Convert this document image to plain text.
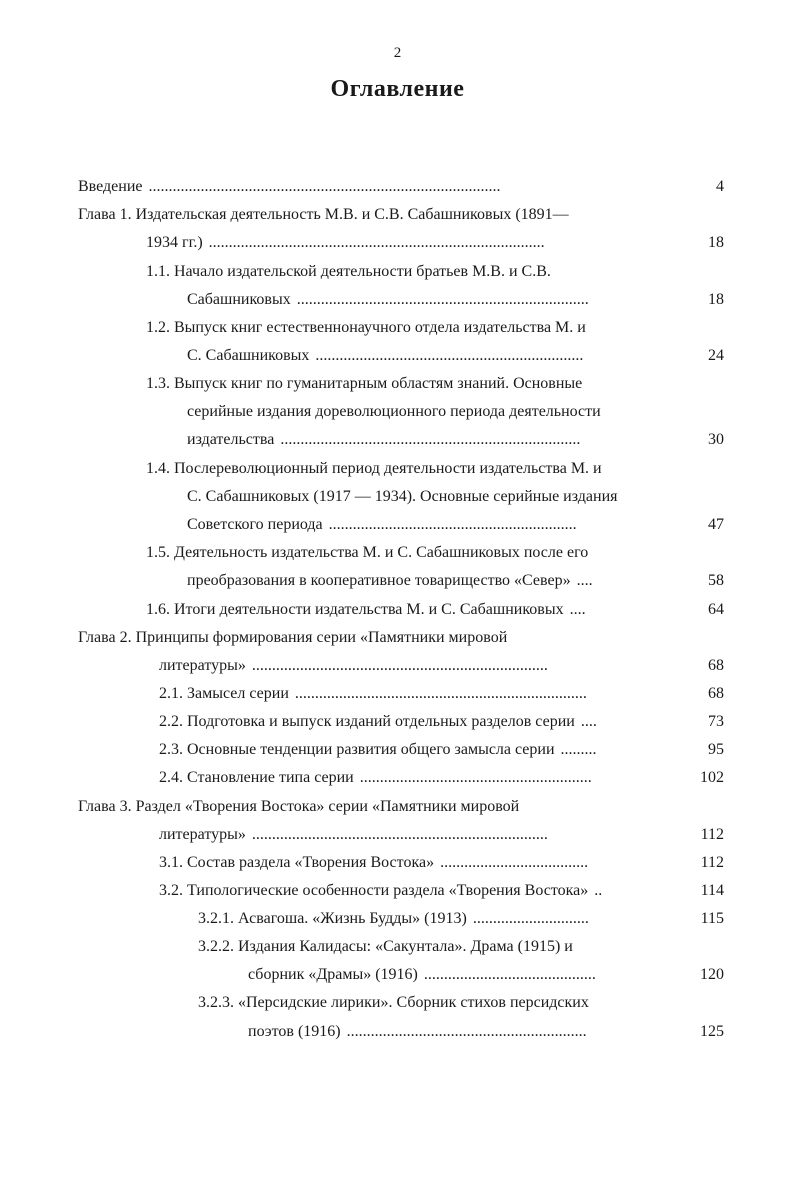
2
Оглавление
Введение........................................................................................	4
Глава 1. Издательская деятельность М.В. и С.В. Сабашниковых (1891—
1934 гг.)....................................................................................	18
1.1. Начало издательской деятельности братьев М.В. и С.В.
Сабашниковых.........................................................................	18
1.2. Выпуск книг естественнонаучного отдела издательства М. и
С. Сабашниковых...................................................................	24
1.3. Выпуск книг по гуманитарным областям знаний. Основные
серийные издания дореволюционного периода деятельности
издательства ...........................................................................	30
1.4. Послереволюционный период деятельности издательства М. и
С. Сабашниковых (1917 — 1934). Основные серийные издания
Советского периода..............................................................	47
1.5. Деятельность издательства М. и С. Сабашниковых после его
преобразования в кооперативное товарищество «Север»....	58
1.6. Итоги деятельности издательства М. и С. Сабашниковых....	64
Глава 2. Принципы формирования серии «Памятники мировой
литературы»..........................................................................	68
2.1. Замысел серии.........................................................................	68
2.2. Подготовка и выпуск изданий отдельных разделов серии....	73
2.3. Основные тенденции развития общего замысла серии.........	95
2.4. Становление типа серии..........................................................	102
Глава 3. Раздел «Творения Востока» серии «Памятники мировой
литературы»..........................................................................	112
3.1. Состав раздела «Творения Востока».....................................	112
3.2. Типологические особенности раздела «Творения Востока»..	114
3.2.1. Асвагоша. «Жизнь Будды» (1913).............................	115
3.2.2. Издания Калидасы: «Сакунтала». Драма (1915) и
сборник «Драмы» (1916)...........................................	120
3.2.3. «Персидские лирики». Сборник стихов персидских
поэтов (1916)............................................................	125
